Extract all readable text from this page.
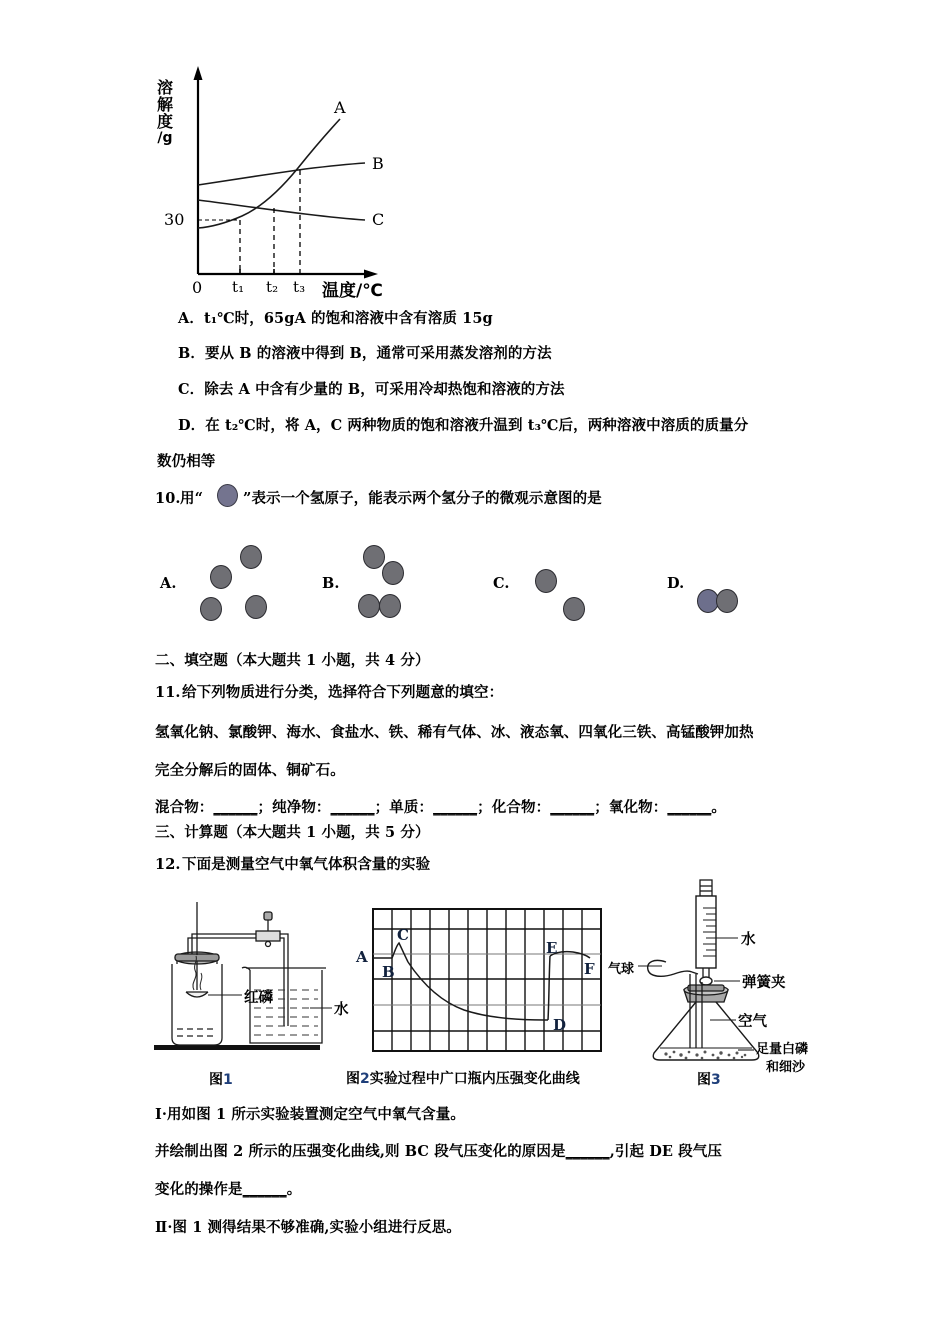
溶
解
度
/g
30
A
B
C
0 t₁ t₂ t₃ 温度/℃
A．t₁℃时，65gA 的饱和溶液中含有溶质 15g
B．要从 B 的溶液中得到 B，通常可采用蒸发溶剂的方法
C．除去 A 中含有少量的 B，可采用冷却热饱和溶液的方法
D．在 t₂℃时，将 A，C 两种物质的饱和溶液升温到 t₃℃后，两种溶液中溶质的质量分
数仍相等
10. 用“	”表示一个氢原子，能表示两个氢分子的微观示意图的是
A.	B.	C.	D.
二、填空题（本大题共 1 小题，共 4 分）
11. 给下列物质进行分类，选择符合下列题意的填空：
氢氧化钠、氯酸钾、海水、食盐水、铁、稀有气体、冰、液态氧、四氧化三铁、高锰酸钾加热
完全分解后的固体、铜矿石。
混合物：______；纯净物：______；单质：______；化合物：______；氧化物：______。
三、计算题（本大题共 1 小题，共 5 分）
12. 下面是测量空气中氧气体积含量的实验
红磷
水
图1
A
B
C
D
E
F
图2实验过程中广口瓶内压强变化曲线
气球
水
弹簧夹
空气
足量白磷
和细沙
图3
Ⅰ·用如图 1 所示实验装置测定空气中氧气含量。
并绘制出图 2 所示的压强变化曲线,则 BC 段气压变化的原因是______,引起 DE 段气压
变化的操作是______。
Ⅱ·图 1 测得结果不够准确,实验小组进行反思。
